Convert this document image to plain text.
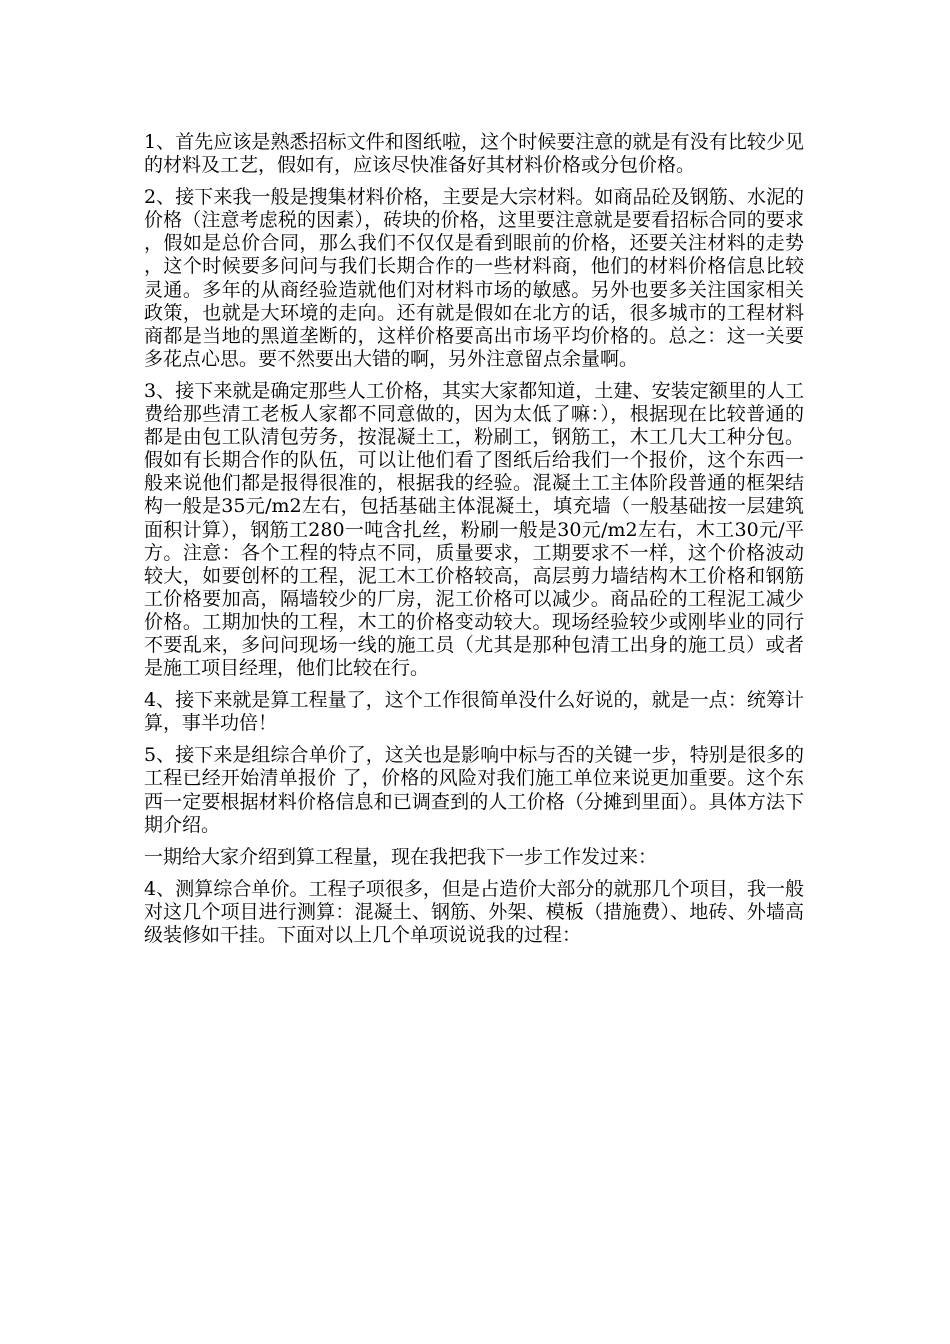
1、首先应该是熟悉招标文件和图纸啦，这个时候要注意的就是有没有比较少见的材料及工艺，假如有，应该尽快准备好其材料价格或分包价格。

2、接下来我一般是搜集材料价格，主要是大宗材料。如商品砼及钢筋、水泥的价格（注意考虑税的因素），砖块的价格，这里要注意就是要看招标合同的要求，假如是总价合同，那么我们不仅仅是看到眼前的价格，还要关注材料的走势，这个时候要多问问与我们长期合作的一些材料商，他们的材料价格信息比较灵通。多年的从商经验造就他们对材料市场的敏感。另外也要多关注国家相关政策，也就是大环境的走向。还有就是假如在北方的话，很多城市的工程材料商都是当地的黑道垄断的，这样价格要高出市场平均价格的。总之：这一关要多花点心思。要不然要出大错的啊，另外注意留点余量啊。

3、接下来就是确定那些人工价格，其实大家都知道，土建、安装定额里的人工费给那些清工老板人家都不同意做的，因为太低了嘛：），根据现在比较普通的都是由包工队清包劳务，按混凝土工，粉刷工，钢筋工，木工几大工种分包。假如有长期合作的队伍，可以让他们看了图纸后给我们一个报价，这个东西一般来说他们都是报得很准的，根据我的经验。混凝土工主体阶段普通的框架结构一般是35元/m2左右，包括基础主体混凝土，填充墙（一般基础按一层建筑面积计算），钢筋工280一吨含扎丝，粉刷一般是30元/m2左右，木工30元/平方。注意：各个工程的特点不同，质量要求，工期要求不一样，这个价格波动较大，如要创杯的工程，泥工木工价格较高，高层剪力墙结构木工价格和钢筋工价格要加高，隔墙较少的厂房，泥工价格可以减少。商品砼的工程泥工减少价格。工期加快的工程，木工的价格变动较大。现场经验较少或刚毕业的同行不要乱来，多问问现场一线的施工员（尤其是那种包清工出身的施工员）或者是施工项目经理，他们比较在行。

4、接下来就是算工程量了，这个工作很简单没什么好说的，就是一点：统筹计算，事半功倍！

5、接下来是组综合单价了，这关也是影响中标与否的关键一步，特别是很多的工程已经开始清单报价 了，价格的风险对我们施工单位来说更加重要。这个东西一定要根据材料价格信息和已调查到的人工价格（分摊到里面）。具体方法下期介绍。

一期给大家介绍到算工程量，现在我把我下一步工作发过来：

4、测算综合单价。工程子项很多，但是占造价大部分的就那几个项目，我一般对这几个项目进行测算：混凝土、钢筋、外架、模板（措施费）、地砖、外墙高级装修如干挂。下面对以上几个单项说说我的过程：
